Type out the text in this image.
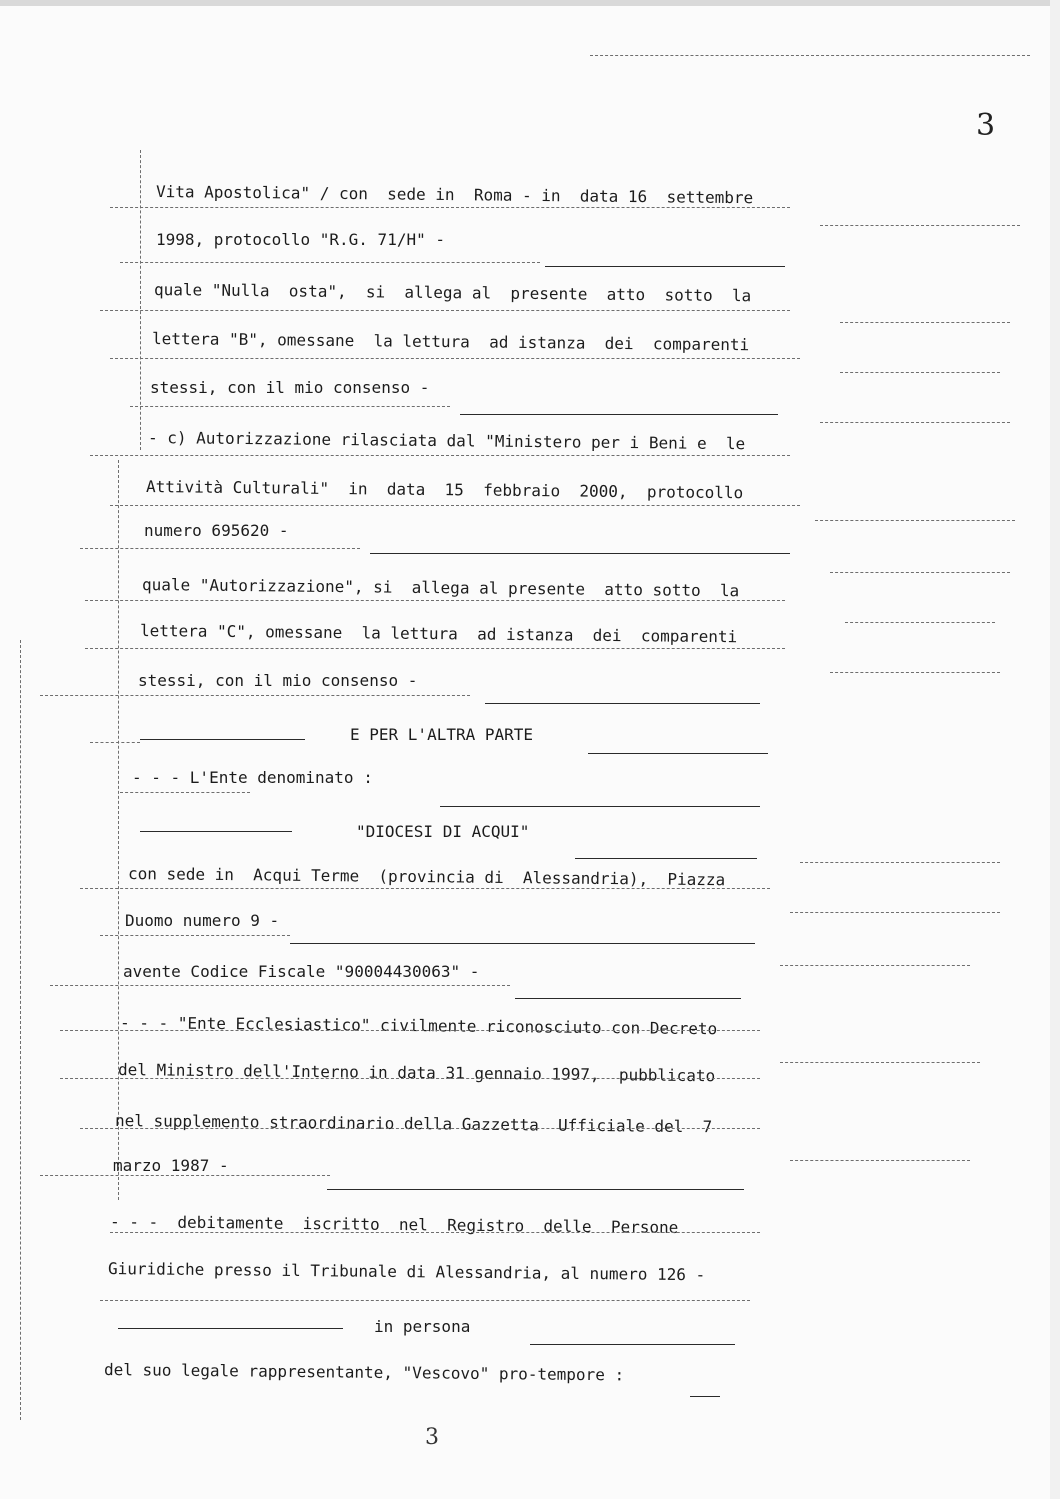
3
Vita Apostolica" / con  sede in  Roma - in  data 16  settembre
1998, protocollo "R.G. 71/H" -
quale "Nulla  osta",  si  allega al  presente  atto  sotto  la
lettera "B", omessane  la lettura  ad istanza  dei  comparenti
stessi, con il mio consenso -
- c) Autorizzazione rilasciata dal "Ministero per i Beni e  le
Attività Culturali"  in  data  15  febbraio  2000,  protocollo
numero 695620 -
quale "Autorizzazione", si  allega al presente  atto sotto  la
lettera "C", omessane  la lettura  ad istanza  dei  comparenti
stessi, con il mio consenso -
E PER L'ALTRA PARTE
- - - L'Ente denominato :
"DIOCESI DI ACQUI"
con sede in  Acqui Terme  (provincia di  Alessandria),  Piazza
Duomo numero 9 -
avente Codice Fiscale "90004430063" -
- - - "Ente Ecclesiastico" civilmente riconosciuto con Decreto
del Ministro dell'Interno in data 31 gennaio 1997,  pubblicato
nel supplemento straordinario della Gazzetta  Ufficiale del  7
marzo 1987 -
- - -  debitamente  iscritto  nel  Registro  delle  Persone
Giuridiche presso il Tribunale di Alessandria, al numero 126 -
in persona
del suo legale rappresentante, "Vescovo" pro-tempore :
3
